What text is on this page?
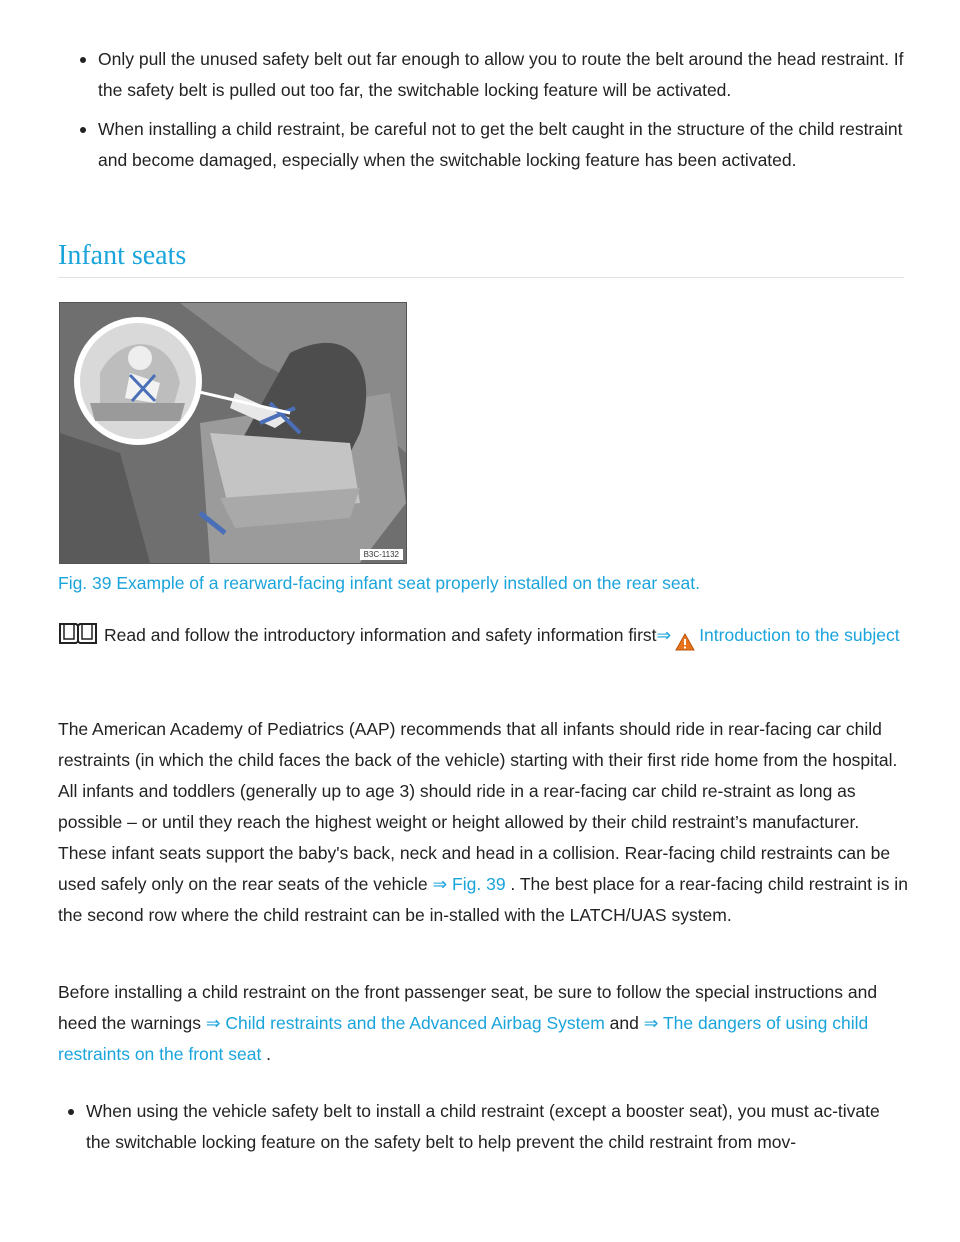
Only pull the unused safety belt out far enough to allow you to route the belt around the head restraint. If the safety belt is pulled out too far, the switchable locking feature will be activated.
When installing a child restraint, be careful not to get the belt caught in the structure of the child restraint and become damaged, especially when the switchable locking feature has been activated.
Infant seats
B3C-1132
Fig. 39 Example of a rearward-facing infant seat properly installed on the rear seat.
Read and follow the introductory information and safety information first⇒ Introduction to the subject

The American Academy of Pediatrics (AAP) recommends that all infants should ride in rear-facing car child restraints (in which the child faces the back of the vehicle) starting with their first ride home from the hospital. All infants and toddlers (generally up to age 3) should ride in a rear-facing car child re-straint as long as possible – or until they reach the highest weight or height allowed by their child restraint’s manufacturer. These infant seats support the baby's back, neck and head in a collision. Rear-facing child restraints can be used safely only on the rear seats of the vehicle ⇒ Fig. 39 . The best place for a rear-facing child restraint is in the second row where the child restraint can be in-stalled with the LATCH/UAS system.

Before installing a child restraint on the front passenger seat, be sure to follow the special instructions and heed the warnings ⇒ Child restraints and the Advanced Airbag System and ⇒ The dangers of using child restraints on the front seat .

When using the vehicle safety belt to install a child restraint (except a booster seat), you must ac-tivate the switchable locking feature on the safety belt to help prevent the child restraint from mov-
